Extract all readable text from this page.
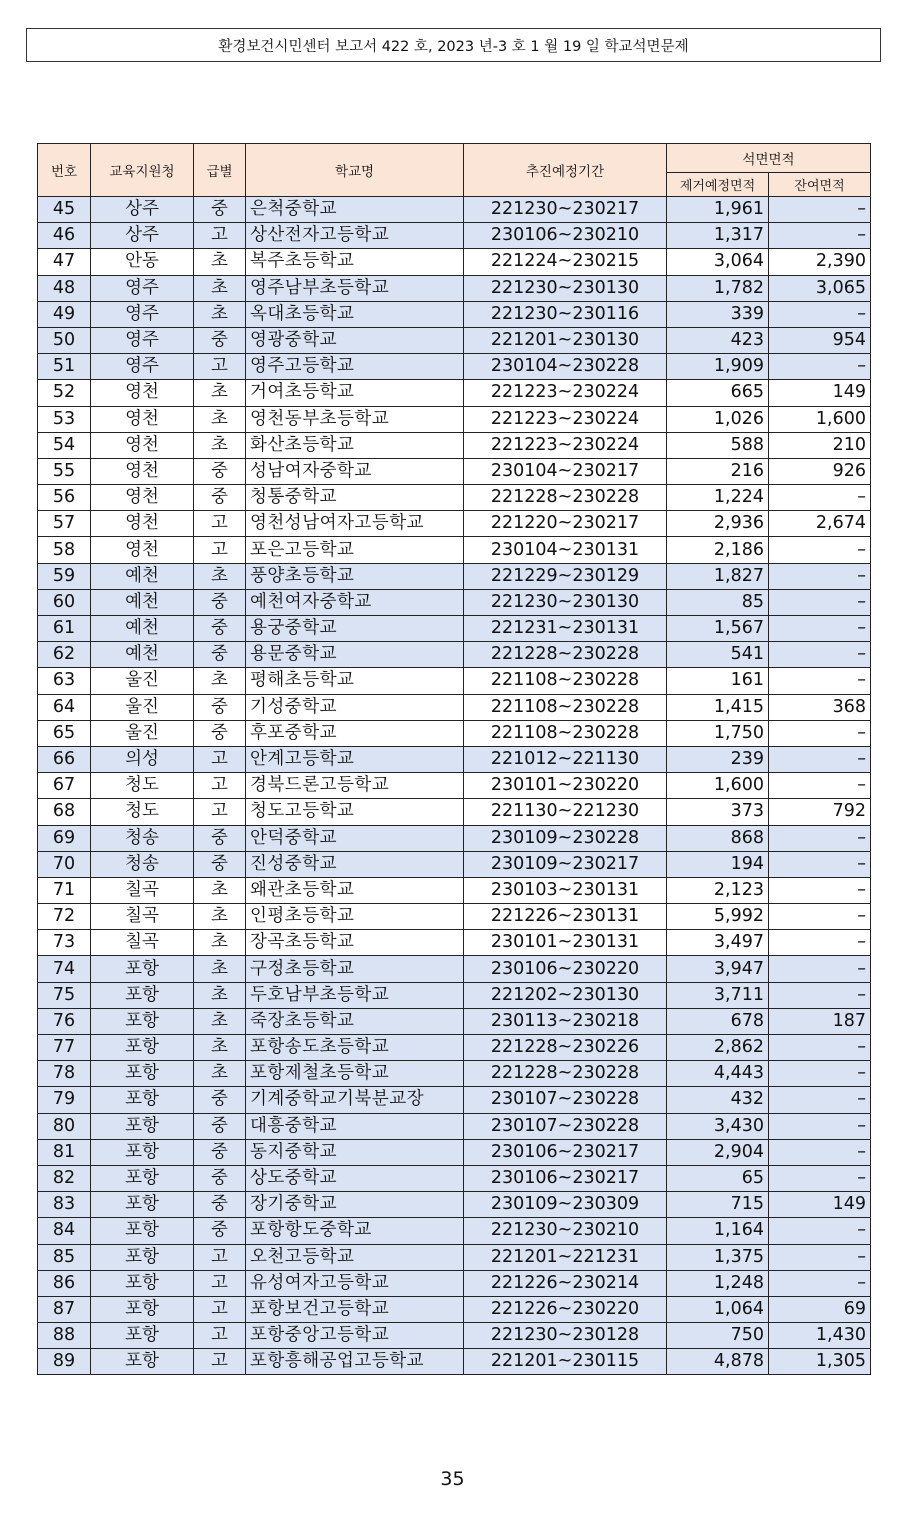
환경보건시민센터 보고서 422 호, 2023 년-3 호 1 월 19 일 학교석면문제
번호	교육지원청	급별	학교명	추진예정기간	석면면적	
					제거예정면적	잔여면적
45	상주	중	은척중학교	221230~230217	1,961	–
46	상주	고	상산전자고등학교	230106~230210	1,317	–
47	안동	초	복주초등학교	221224~230215	3,064	2,390
48	영주	초	영주남부초등학교	221230~230130	1,782	3,065
49	영주	초	옥대초등학교	221230~230116	339	–
50	영주	중	영광중학교	221201~230130	423	954
51	영주	고	영주고등학교	230104~230228	1,909	–
52	영천	초	거여초등학교	221223~230224	665	149
53	영천	초	영천동부초등학교	221223~230224	1,026	1,600
54	영천	초	화산초등학교	221223~230224	588	210
55	영천	중	성남여자중학교	230104~230217	216	926
56	영천	중	청통중학교	221228~230228	1,224	–
57	영천	고	영천성남여자고등학교	221220~230217	2,936	2,674
58	영천	고	포은고등학교	230104~230131	2,186	–
59	예천	초	풍양초등학교	221229~230129	1,827	–
60	예천	중	예천여자중학교	221230~230130	85	–
61	예천	중	용궁중학교	221231~230131	1,567	–
62	예천	중	용문중학교	221228~230228	541	–
63	울진	초	평해초등학교	221108~230228	161	–
64	울진	중	기성중학교	221108~230228	1,415	368
65	울진	중	후포중학교	221108~230228	1,750	–
66	의성	고	안계고등학교	221012~221130	239	–
67	청도	고	경북드론고등학교	230101~230220	1,600	–
68	청도	고	청도고등학교	221130~221230	373	792
69	청송	중	안덕중학교	230109~230228	868	–
70	청송	중	진성중학교	230109~230217	194	–
71	칠곡	초	왜관초등학교	230103~230131	2,123	–
72	칠곡	초	인평초등학교	221226~230131	5,992	–
73	칠곡	초	장곡초등학교	230101~230131	3,497	–
74	포항	초	구정초등학교	230106~230220	3,947	–
75	포항	초	두호남부초등학교	221202~230130	3,711	–
76	포항	초	죽장초등학교	230113~230218	678	187
77	포항	초	포항송도초등학교	221228~230226	2,862	–
78	포항	초	포항제철초등학교	221228~230228	4,443	–
79	포항	중	기계중학교기북분교장	230107~230228	432	–
80	포항	중	대흥중학교	230107~230228	3,430	–
81	포항	중	동지중학교	230106~230217	2,904	–
82	포항	중	상도중학교	230106~230217	65	–
83	포항	중	장기중학교	230109~230309	715	149
84	포항	중	포항항도중학교	221230~230210	1,164	–
85	포항	고	오천고등학교	221201~221231	1,375	–
86	포항	고	유성여자고등학교	221226~230214	1,248	–
87	포항	고	포항보건고등학교	221226~230220	1,064	69
88	포항	고	포항중앙고등학교	221230~230128	750	1,430
89	포항	고	포항흥해공업고등학교	221201~230115	4,878	1,305
35
